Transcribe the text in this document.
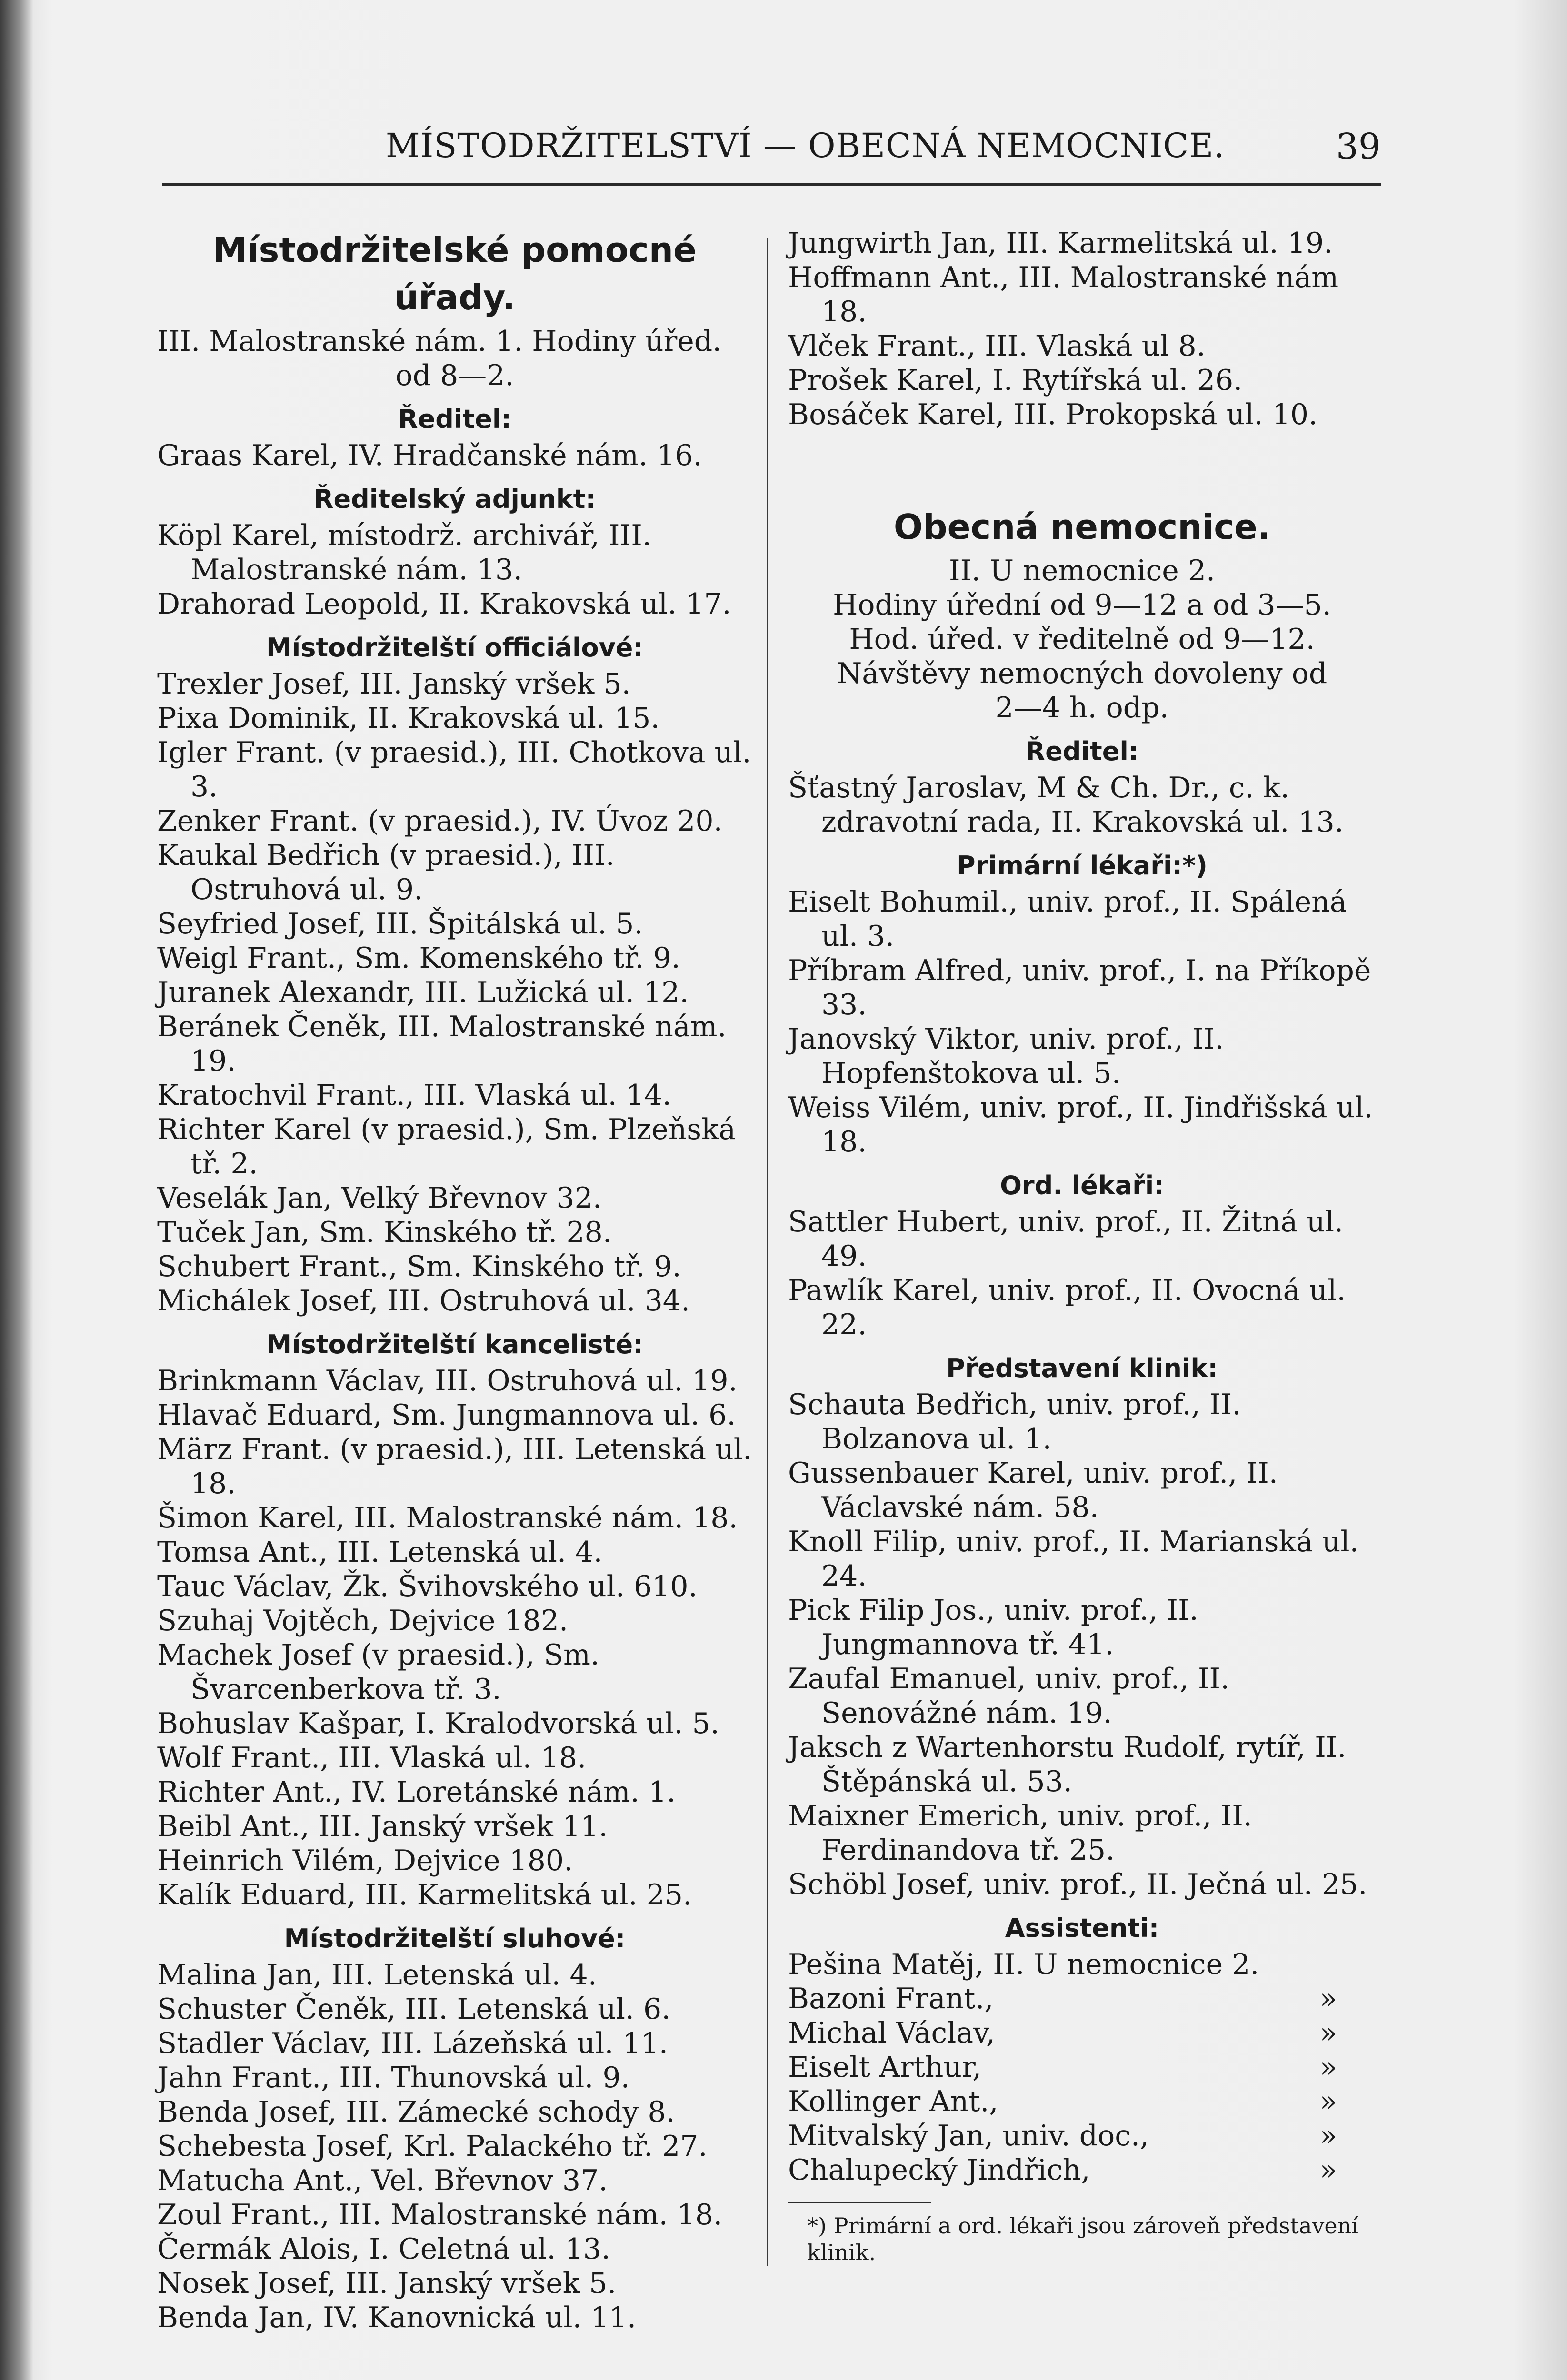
MÍSTODRŽITELSTVÍ — OBECNÁ NEMOCNICE.	39
Místodržitelské pomocné úřady.
III. Malostranské nám. 1. Hodiny úřed.
od 8—2.
Ředitel:
Graas Karel, IV. Hradčanské nám. 16.
Ředitelský adjunkt:
Köpl Karel, místodrž. archivář, III. Malostranské nám. 13.
Drahorad Leopold, II. Krakovská ul. 17.
Místodržitelští officiálové:
Trexler Josef, III. Janský vršek 5.
Pixa Dominik, II. Krakovská ul. 15.
Igler Frant. (v praesid.), III. Chotkova ul. 3.
Zenker Frant. (v praesid.), IV. Úvoz 20.
Kaukal Bedřich (v praesid.), III. Ostruhová ul. 9.
Seyfried Josef, III. Špitálská ul. 5.
Weigl Frant., Sm. Komenského tř. 9.
Juranek Alexandr, III. Lužická ul. 12.
Beránek Čeněk, III. Malostranské nám. 19.
Kratochvil Frant., III. Vlaská ul. 14.
Richter Karel (v praesid.), Sm. Plzeňská tř. 2.
Veselák Jan, Velký Břevnov 32.
Tuček Jan, Sm. Kinského tř. 28.
Schubert Frant., Sm. Kinského tř. 9.
Michálek Josef, III. Ostruhová ul. 34.
Místodržitelští kancelisté:
Brinkmann Václav, III. Ostruhová ul. 19.
Hlavač Eduard, Sm. Jungmannova ul. 6.
März Frant. (v praesid.), III. Letenská ul. 18.
Šimon Karel, III. Malostranské nám. 18.
Tomsa Ant., III. Letenská ul. 4.
Tauc Václav, Žk. Švihovského ul. 610.
Szuhaj Vojtěch, Dejvice 182.
Machek Josef (v praesid.), Sm. Švarcenberkova tř. 3.
Bohuslav Kašpar, I. Kralodvorská ul. 5.
Wolf Frant., III. Vlaská ul. 18.
Richter Ant., IV. Loretánské nám. 1.
Beibl Ant., III. Janský vršek 11.
Heinrich Vilém, Dejvice 180.
Kalík Eduard, III. Karmelitská ul. 25.
Místodržitelští sluhové:
Malina Jan, III. Letenská ul. 4.
Schuster Čeněk, III. Letenská ul. 6.
Stadler Václav, III. Lázeňská ul. 11.
Jahn Frant., III. Thunovská ul. 9.
Benda Josef, III. Zámecké schody 8.
Schebesta Josef, Krl. Palackého tř. 27.
Matucha Ant., Vel. Břevnov 37.
Zoul Frant., III. Malostranské nám. 18.
Čermák Alois, I. Celetná ul. 13.
Nosek Josef, III. Janský vršek 5.
Benda Jan, IV. Kanovnická ul. 11.
Jungwirth Jan, III. Karmelitská ul. 19.
Hoffmann Ant., III. Malostranské nám 18.
Vlček Frant., III. Vlaská ul 8.
Prošek Karel, I. Rytířská ul. 26.
Bosáček Karel, III. Prokopská ul. 10.
Obecná nemocnice.
II. U nemocnice 2.
Hodiny úřední od 9—12 a od 3—5.
Hod. úřed. v ředitelně od 9—12.
Návštěvy nemocných dovoleny od
2—4 h. odp.
Ředitel:
Šťastný Jaroslav, M & Ch. Dr., c. k. zdravotní rada, II. Krakovská ul. 13.
Primární lékaři:*)
Eiselt Bohumil., univ. prof., II. Spálená ul. 3.
Příbram Alfred, univ. prof., I. na Příkopě 33.
Janovský Viktor, univ. prof., II. Hopfenštokova ul. 5.
Weiss Vilém, univ. prof., II. Jindřišská ul. 18.
Ord. lékaři:
Sattler Hubert, univ. prof., II. Žitná ul. 49.
Pawlík Karel, univ. prof., II. Ovocná ul. 22.
Představení klinik:
Schauta Bedřich, univ. prof., II. Bolzanova ul. 1.
Gussenbauer Karel, univ. prof., II. Václavské nám. 58.
Knoll Filip, univ. prof., II. Marianská ul. 24.
Pick Filip Jos., univ. prof., II. Jungmannova tř. 41.
Zaufal Emanuel, univ. prof., II. Senovážné nám. 19.
Jaksch z Wartenhorstu Rudolf, rytíř, II. Štěpánská ul. 53.
Maixner Emerich, univ. prof., II. Ferdinandova tř. 25.
Schöbl Josef, univ. prof., II. Ječná ul. 25.
Assistenti:
Pešina Matěj, II. U nemocnice 2.
Bazoni Frant.,	»
Michal Václav,	»
Eiselt Arthur,	»
Kollinger Ant.,	»
Mitvalský Jan, univ. doc.,	»
Chalupecký Jindřich,	»
*) Primární a ord. lékaři jsou zároveň představení klinik.
